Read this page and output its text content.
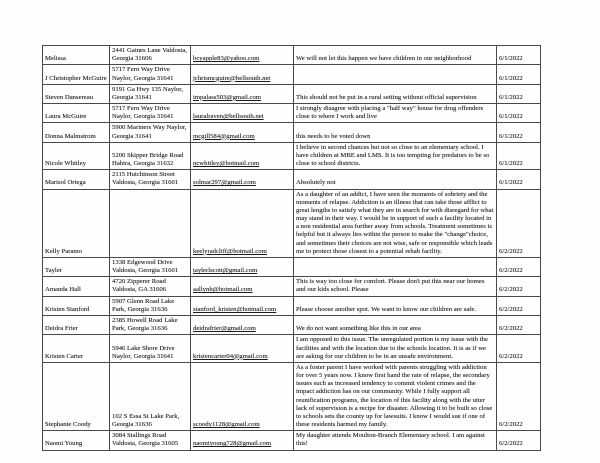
Melissa	2441 Gaines Lane Valdosta, Georgia 31606	bcyapple83@yahoo.com	We will not let this happen we have children in our neighborhood	6/1/2022
J Christopher McGuire	5717 Fern Way Drive Naylor, Georgia 31641	jchrismcguire@bellsouth.net		6/1/2022
Steven Dansereau	9191 Ga Hwy 135 Naylor, Georgia 31641	impalass503@gmail.com	This should not be put in a rural setting without official supervision	6/1/2022
Laura McGuire	5717 Fern Way Drive Naylor, Georgia 31641	lauralraven@bellsouth.net	I strongly disagree with placing a "half way" house for drug offenders close to where I work and live	6/1/2022
Donna Malmstrom	5900 Mariners Way Naylor, Georgia 31641	mcgill584@gmail.com	this needs to be voted down	6/1/2022
Nicole Whitley	5200 Skipper Bridge Road Hahira, Georgia 31632	ncwhitley@hotmail.com	I believe in second chances but not so close to an elementary school. I have children at MBE and LMS. It is too tempting for predators to be so close to school districts.	6/1/2022
Marisol Ortega	2115 Hutchinson Street Valdosta, Georgia 31601	solmar297@gmail.com	Absolutely not	6/1/2022
Kelly Paramo		keelyradcliff@hotmail.com	As a daughter of an addict, I have seen the moments of sobriety and the moments of relapse. Addiction is an illness that can take those afflict to great lengths to satisfy what they are in search for with disregard for what may stand in their way. I would be in support of such a facility located in a non residential area further away from schools. Treatment sometimes is helpful but it always lies within the person to make the "change"choice, and sometimes their choices are not wise, safe or responsible which leads me to protect those closest to a potential rehab facility.	6/2/2022
Tayler	1338 Edgewood Drive Valdosta, Georgia 31601	taylerlscott@gmail.com		6/2/2022
Amanda Hall	4720 Zipperer Road Valdosta, GA 31606	aallynh@hotmail.com	This is way too close for comfort. Please don't put this near our homes and our kids school. Please	6/2/2022
Kristen Stanford	5907 Glenn Road Lake Park, Georgia 31636	stanford_kristen@hotmail.com	Please choose another spot. We want to know our children are safe.	6/2/2022
Deidra Frier	2385 Howell Road Lake Park, Georgia 31636	deidrafrier@gmail.com	We do not want something like this in our area	6/2/2022
Kristen Carter	5946 Lake Shore Drive Naylor, Georgia 31641	kristencarter04@gmail.com	I am opposed to this issue. The unregulated portion is my issue with the facilities and with the location due to the schools location. It is as if we are asking for our children to be in an unsafe environment.	6/2/2022
Stephanie Coody	102 S Essa St Lake Park, Georgia 31636	scoody1128@gmail.com	As a foster parent I have worked with parents struggling with addiction for over 5 years now. I know first hand the rate of relapse, the secondary issues such as increased tendency to commit violent crimes and the impact addiction has on our community. While I fully support all reunification programs, the location of this facility along with the utter lack of supervision is a recipe for disaster. Allowing it to be built so close to schools sets the county up for lawsuits. I know I would sue if one of these residents harmed my family.	6/2/2022
Naomi Young	3084 Stallings Road Valdosta, Georgia 31605	naomiyoung728@gmail.com	My daughter attends Moulton-Branch Elementary school. I am against this!	6/2/2022
